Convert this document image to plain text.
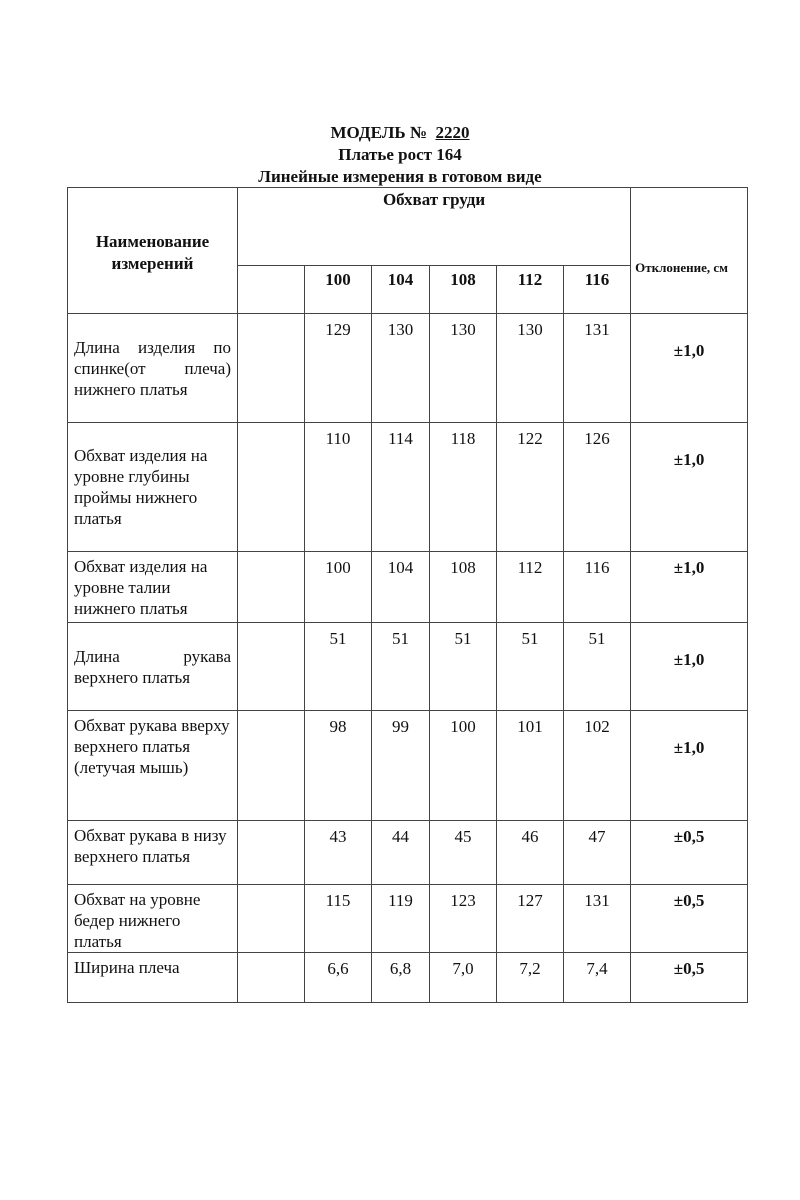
МОДЕЛЬ № 2220
Платье рост 164
Линейные измерения в готовом виде
Наименование измерений	Обхват груди						Отклонение, см
		100	104	108	112	116	
Длина изделия по спинке(от плеча) нижнего платья		129	130	130	130	131	±1,0
Обхват изделия на уровне глубины проймы нижнего платья		110	114	118	122	126	±1,0
Обхват изделия на уровне талии нижнего платья		100	104	108	112	116	±1,0
Длина рукава верхнего платья		51	51	51	51	51	±1,0
Обхват рукава вверху верхнего платья (летучая мышь)		98	99	100	101	102	±1,0
Обхват рукава в низу верхнего платья		43	44	45	46	47	±0,5
Обхват на уровне бедер нижнего платья		115	119	123	127	131	±0,5
Ширина плеча		6,6	6,8	7,0	7,2	7,4	±0,5
